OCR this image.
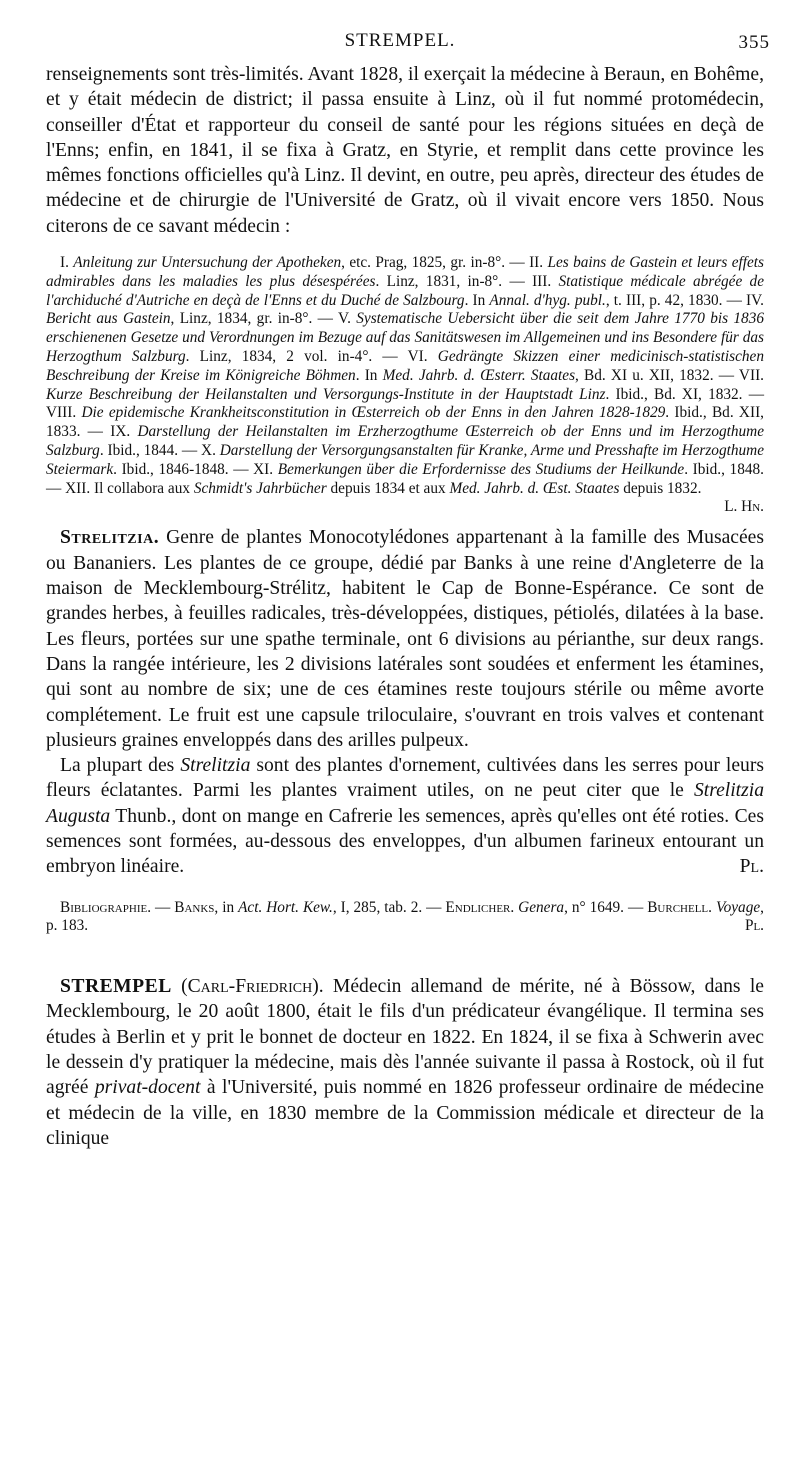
STREMPEL.	355

renseignements sont très-limités. Avant 1828, il exerçait la médecine à Beraun, en Bohême, et y était médecin de district; il passa ensuite à Linz, où il fut nommé protomédecin, conseiller d'État et rapporteur du conseil de santé pour les régions situées en deçà de l'Enns; enfin, en 1841, il se fixa à Gratz, en Styrie, et remplit dans cette province les mêmes fonctions officielles qu'à Linz. Il devint, en outre, peu après, directeur des études de médecine et de chirurgie de l'Université de Gratz, où il vivait encore vers 1850. Nous citerons de ce savant médecin :

I. Anleitung zur Untersuchung der Apotheken, etc. Prag, 1825, gr. in-8°. — II. Les bains de Gastein et leurs effets admirables dans les maladies les plus désespérées. Linz, 1831, in-8°. — III. Statistique médicale abrégée de l'archiduché d'Autriche en deçà de l'Enns et du Duché de Salzbourg. In Annal. d'hyg. publ., t. III, p. 42, 1830. — IV. Bericht aus Gastein, Linz, 1834, gr. in-8°. — V. Systematische Uebersicht über die seit dem Jahre 1770 bis 1836 erschienenen Gesetze und Verordnungen im Bezuge auf das Sanitätswesen im Allgemeinen und ins Besondere für das Herzogthum Salzburg. Linz, 1834, 2 vol. in-4°. — VI. Gedrängte Skizzen einer medicinisch-statistischen Beschreibung der Kreise im Königreiche Böhmen. In Med. Jahrb. d. Œsterr. Staates, Bd. XI u. XII, 1832. — VII. Kurze Beschreibung der Heilanstalten und Versorgungs-Institute in der Hauptstadt Linz. Ibid., Bd. XI, 1832. — VIII. Die epidemische Krankheitsconstitution in Œsterreich ob der Enns in den Jahren 1828-1829. Ibid., Bd. XII, 1833. — IX. Darstellung der Heilanstalten im Erzherzogthume Œsterreich ob der Enns und im Herzogthume Salzburg. Ibid., 1844. — X. Darstellung der Versorgungsanstalten für Kranke, Arme und Presshafte im Herzogthume Steiermark. Ibid., 1846-1848. — XI. Bemerkungen über die Erfordernisse des Studiums der Heilkunde. Ibid., 1848. — XII. Il collabora aux Schmidt's Jahrbücher depuis 1834 et aux Med. Jahrb. d. Œst. Staates depuis 1832.
L. Hn.

Strelitzia. Genre de plantes Monocotylédones appartenant à la famille des Musacées ou Bananiers. Les plantes de ce groupe, dédié par Banks à une reine d'Angleterre de la maison de Mecklembourg-Strélitz, habitent le Cap de Bonne-Espérance. Ce sont de grandes herbes, à feuilles radicales, très-développées, distiques, pétiolés, dilatées à la base. Les fleurs, portées sur une spathe terminale, ont 6 divisions au périanthe, sur deux rangs. Dans la rangée intérieure, les 2 divisions latérales sont soudées et enferment les étamines, qui sont au nombre de six; une de ces étamines reste toujours stérile ou même avorte complétement. Le fruit est une capsule triloculaire, s'ouvrant en trois valves et contenant plusieurs graines enveloppés dans des arilles pulpeux.

La plupart des Strelitzia sont des plantes d'ornement, cultivées dans les serres pour leurs fleurs éclatantes. Parmi les plantes vraiment utiles, on ne peut citer que le Strelitzia Augusta Thunb., dont on mange en Cafrerie les semences, après qu'elles ont été roties. Ces semences sont formées, au-dessous des enveloppes, d'un albumen farineux entourant un embryon linéaire.	Pl.

Bibliographie. — Banks, in Act. Hort. Kew., I, 285, tab. 2. — Endlicher. Genera, n° 1649. — Burchell. Voyage, p. 183.	Pl.

STREMPEL (Carl-Friedrich). Médecin allemand de mérite, né à Bössow, dans le Mecklembourg, le 20 août 1800, était le fils d'un prédicateur évangélique. Il termina ses études à Berlin et y prit le bonnet de docteur en 1822. En 1824, il se fixa à Schwerin avec le dessein d'y pratiquer la médecine, mais dès l'année suivante il passa à Rostock, où il fut agréé privat-docent à l'Université, puis nommé en 1826 professeur ordinaire de médecine et médecin de la ville, en 1830 membre de la Commission médicale et directeur de la clinique
